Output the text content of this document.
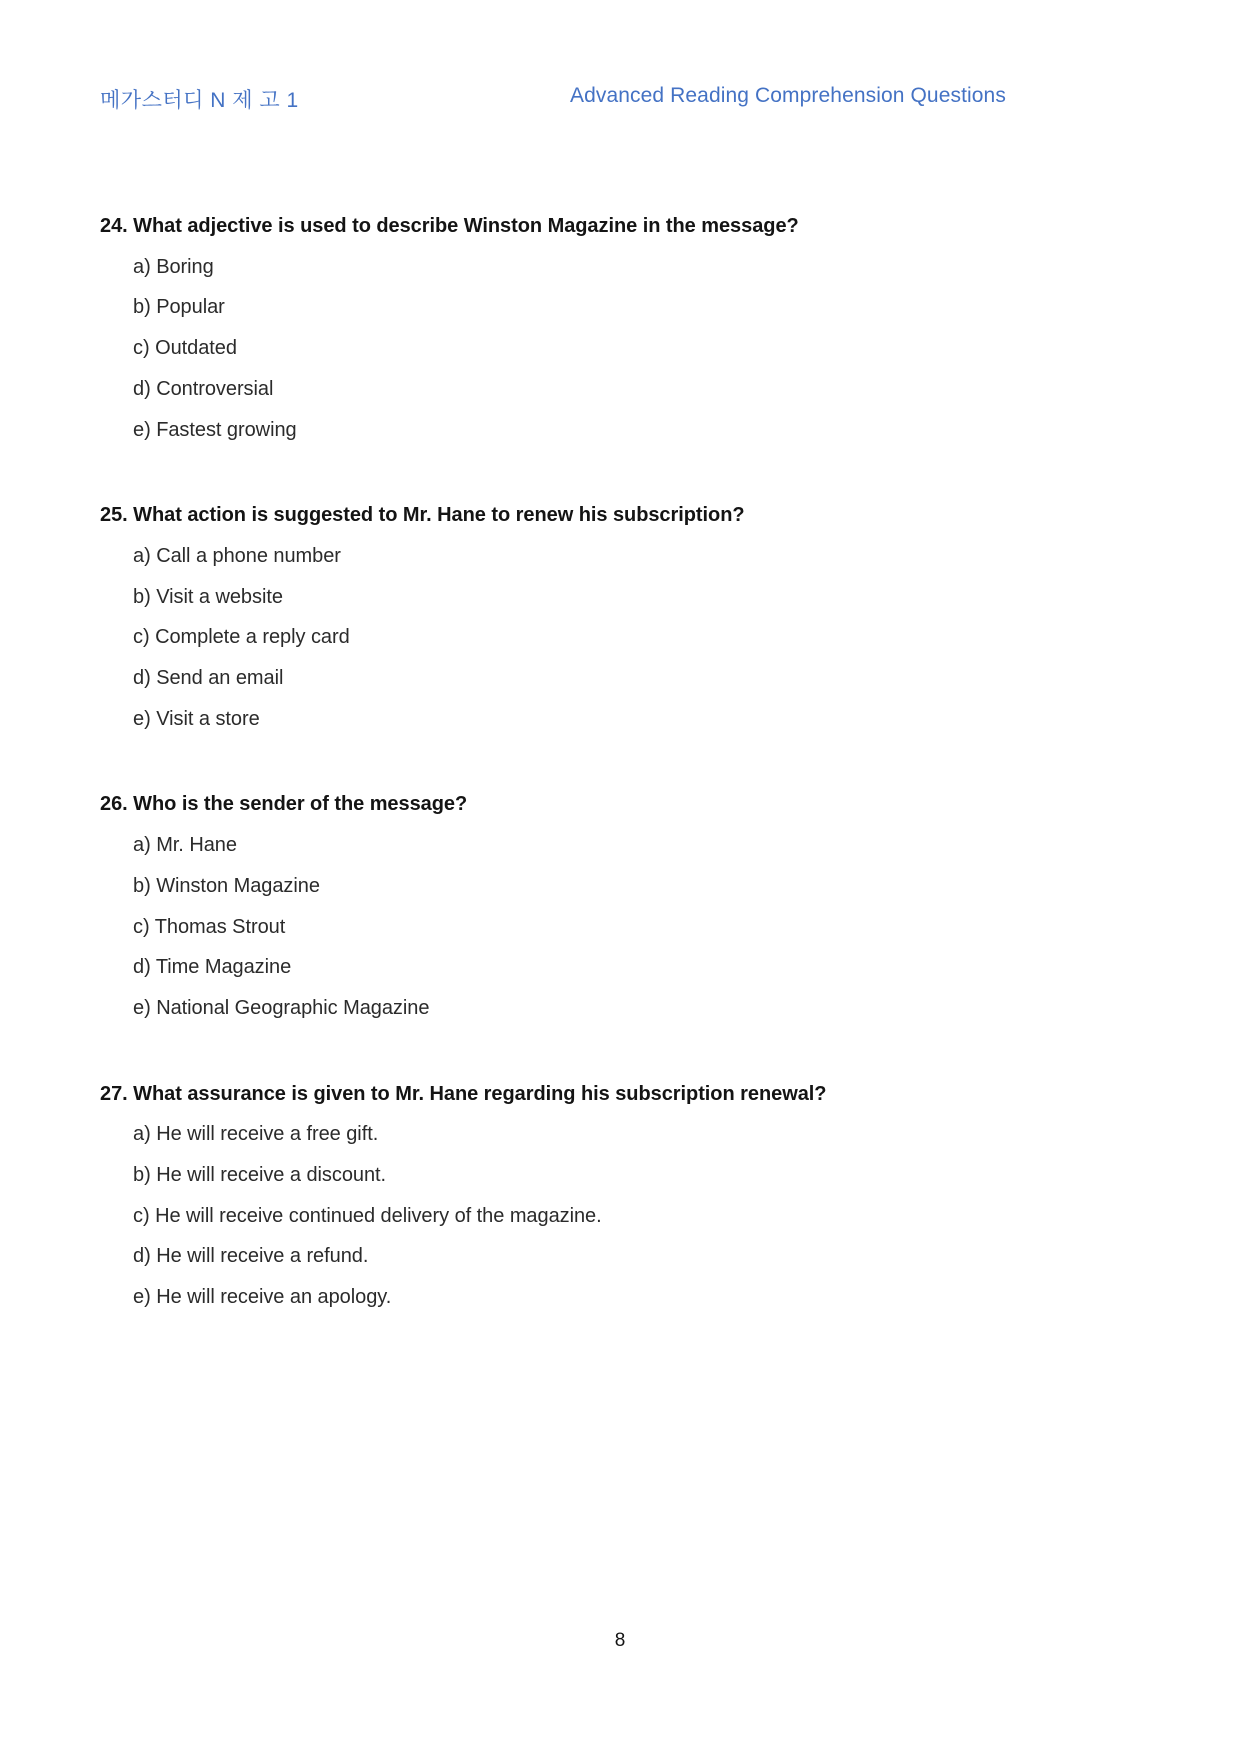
메가스터디 N 제 고 1	Advanced Reading Comprehension Questions
24. What adjective is used to describe Winston Magazine in the message?
a) Boring
b) Popular
c) Outdated
d) Controversial
e) Fastest growing
25. What action is suggested to Mr. Hane to renew his subscription?
a) Call a phone number
b) Visit a website
c) Complete a reply card
d) Send an email
e) Visit a store
26. Who is the sender of the message?
a) Mr. Hane
b) Winston Magazine
c) Thomas Strout
d) Time Magazine
e) National Geographic Magazine
27. What assurance is given to Mr. Hane regarding his subscription renewal?
a) He will receive a free gift.
b) He will receive a discount.
c) He will receive continued delivery of the magazine.
d) He will receive a refund.
e) He will receive an apology.
8
